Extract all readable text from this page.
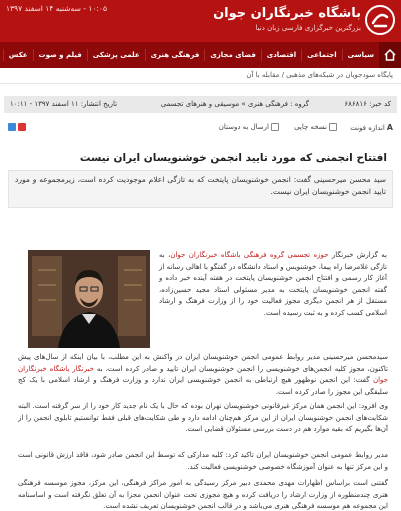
باشگاه خبرنگاران جوان
بزرگترین خبرگزاری فارسی زبان دنیا
۱۰:۰۵ - سه‌شنبه ۱۴ اسفند ۱۳۹۷
سیاسی
اجتماعی
اقتصادی
فضای مجازی
فرهنگی هنری
علمی پزشکی
فیلم و صوت
عکس
پایگاه سودجویان در شبکه‌های مذهبی / مقابله با آن
کد خبر: ۶۸۶۸۱۶
گروه : فرهنگی هنری » موسیقی و هنرهای تجسمی
تاریخ انتشار: ۱۱ اسفند ۱۳۹۷ - ۱۰:۱۱
A
اندازه فونت
نسخه چاپی
ارسال به دوستان
افتتاح انجمنی که مورد تایید انجمن خوشنویسان ایران نیست
سید محسن میرحسینی گفت: انجمن خوشنویسان پایتخت که به تازگی اعلام موجودیت کرده است، زیرمجموعه و مورد تایید انجمن خوشنویسان ایران نیست.
به گزارش خبرنگار حوزه تجسمی گروه فرهنگی باشگاه خبرنگاران جوان، به تازگی غلامرضا راه پیما، خوشنویس و استاد دانشگاه در گفتگو با اهالی رسانه از آغاز کار رسمی و افتتاح انجمن خوشنویسان پایتخت در هفته آینده خبر داده و گفته انجمن خوشنویسان پایتخت به مدیر مسئولی استاد مجید حسین‌زاده، مستقل از هر انجمن دیگری مجوز فعالیت خود را از وزارت فرهنگ و ارشاد اسلامی کسب کرده و به ثبت رسیده است.
سیدمحسن میرحسینی مدیر روابط عمومی انجمن خوشنویسان ایران در واکنش به این مطلب، با بیان اینکه از سال‌های پیش تاکنون، مجوز کلیه انجمن‌های خوشنویسی را انجمن خوشنویسان ایران تایید و صادر کرده است، به خبرنگار باشگاه خبرنگاران جوان گفت: این انجمن نوظهور هیچ ارتباطی به انجمن خوشنویسی ایران ندارد و وزارت فرهنگ و ارشاد اسلامی با یک کج سلیقگی این مجوز را صادر کرده است.
وی افزود: این انجمن همان مرکز غیرقانونی خوشنویسان تهران بوده که حال با یک نام جدید کار خود را از سر گرفته است. البته شکایت‌های انجمن خوشنویسان ایران از این مرکز هم‌چنان ادامه دارد و طی شکایت‌های قبلی فقط توانستیم تابلوی انجمن را از آن‌ها بگیریم که بقیه موارد هم در دست بررسی مسئولان قضایی است.
مدیر روابط عمومی انجمن خوشنویسان ایران تاکید کرد: کلیه مدارکی که توسط این انجمن صادر شود، فاقد ارزش قانونی است و این مرکز تنها به عنوان آموزشگاه خصوصی خوشنویسی فعالیت کند.
گفتنی است براساس اظهارات مهدی محمدی دبیر مرکز رسیدگی به امور مراکز فرهنگی، این مرکز، مجوز موسسه فرهنگی هنری چندمنظوره از وزارت ارشاد را دریافت کرده و هیچ مجوزی تحت عنوان انجمن مجزا به آن تعلق نگرفته است و اساسنامه این مجموعه هم موسسه فرهنگی هنری می‌باشد و در قالب انجمن خوشنویسان تعریف نشده است.
